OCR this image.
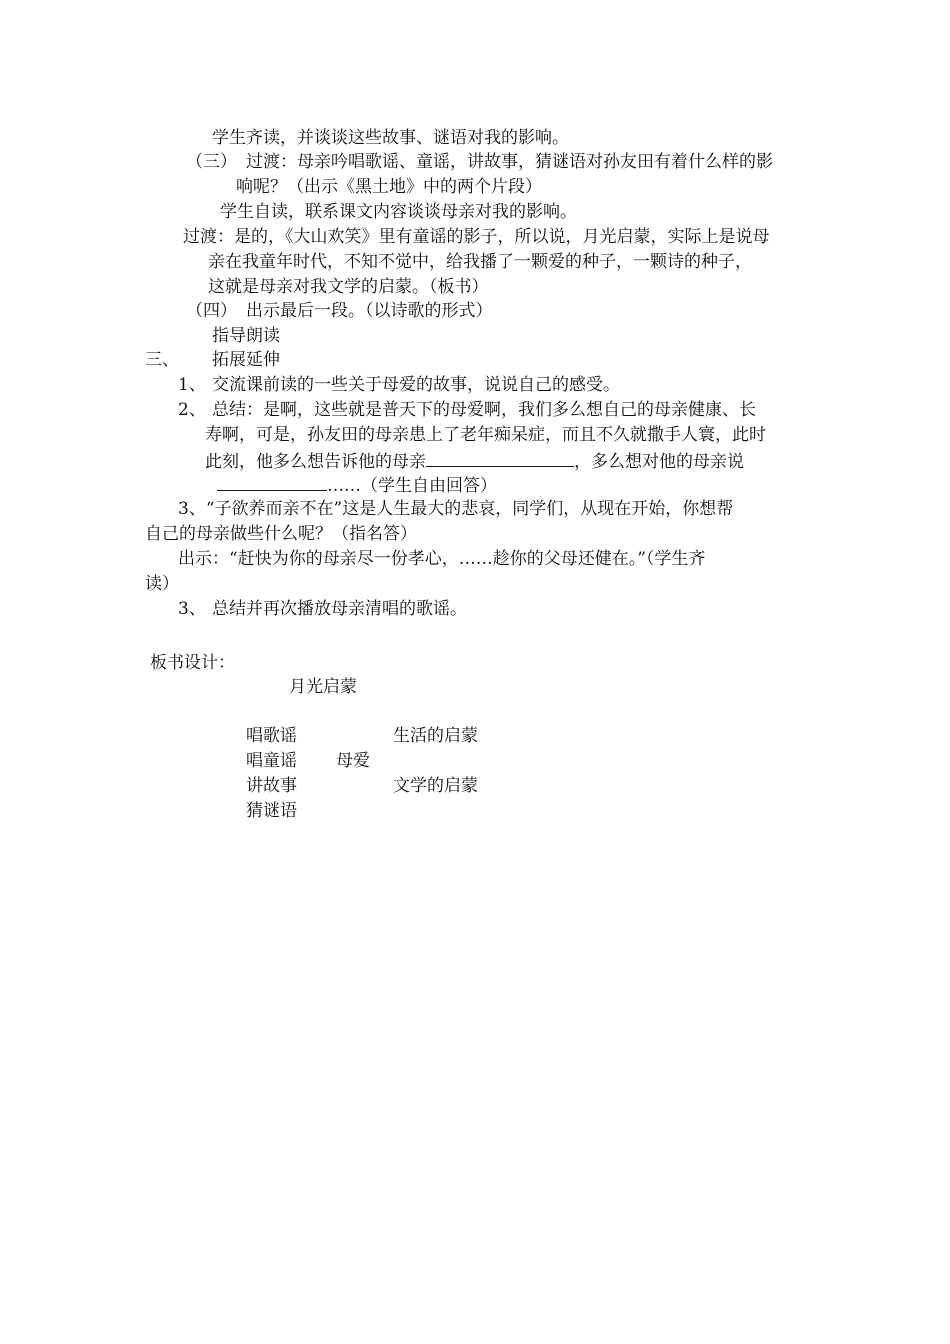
学生齐读，并谈谈这些故事、谜语对我的影响。
（三） 过渡：母亲吟唱歌谣、童谣，讲故事，猜谜语对孙友田有着什么样的影
响呢？（出示《黑土地》中的两个片段）
学生自读，联系课文内容谈谈母亲对我的影响。
过渡：是的，《大山欢笑》里有童谣的影子，所以说，月光启蒙，实际上是说母
亲在我童年时代，不知不觉中，给我播了一颗爱的种子，一颗诗的种子，
这就是母亲对我文学的启蒙。（板书）
（四） 出示最后一段。（以诗歌的形式）
指导朗读
三、 拓展延伸
1、 交流课前读的一些关于母爱的故事，说说自己的感受。
2、 总结：是啊，这些就是普天下的母爱啊，我们多么想自己的母亲健康、长
寿啊，可是，孙友田的母亲患上了老年痴呆症，而且不久就撒手人寰，此时
此刻，他多么想告诉他的母亲	，多么想对他的母亲说
……（学生自由回答）
3、“子欲养而亲不在”这是人生最大的悲哀，同学们，从现在开始，你想帮
自己的母亲做些什么呢？（指名答）
出示：“赶快为你的母亲尽一份孝心，……趁你的父母还健在。”（学生齐
读）
3、 总结并再次播放母亲清唱的歌谣。
板书设计：
月光启蒙
唱歌谣
唱童谣
讲故事
猜谜语
母爱
生活的启蒙
文学的启蒙
